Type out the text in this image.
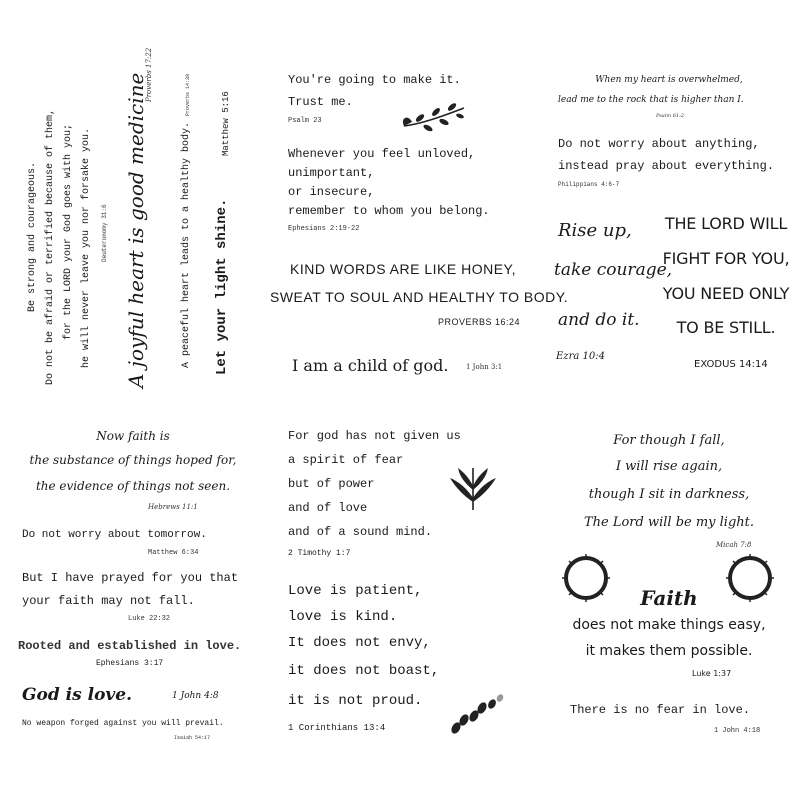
Be strong and courageous. Do not be afraid or terrified because of them, for the LORD your God goes with you; he will never leave you nor forsake you. Deuteronomy 31:6 A joyful heart is good medicine
Proverbs 17:22
A peaceful heart leads to a healthy body.
Proverbs 14:30
Let your light shine.
Matthew 5:16
You're going to make it.
Trust me.
Psalm 23
Whenever you feel unloved,
unimportant,
or insecure,
remember to whom you belong.
Ephesians 2:19-22
KIND WORDS ARE LIKE HONEY,
SWEAT TO SOUL AND HEALTHY TO BODY.
PROVERBS 16:24
I am a child of god.	1 John 3:1
When my heart is overwhelmed,
lead me to the rock that is higher than I.
Psalm 61:2
Do not worry about anything,
instead pray about everything.
Philippians 4:6-7
Rise up,
take courage,
and do it.
Ezra 10:4
THE LORD WILL
FIGHT FOR YOU,
YOU NEED ONLY
TO BE STILL.
EXODUS 14:14
Now faith is
the substance of things hoped for,
the evidence of things not seen.
Hebrews 11:1
Do not worry about tomorrow.
Matthew 6:34
But I have prayed for you that
your faith may not fall.
Luke 22:32
Rooted and established in love.
Ephesians 3:17
God is love.	1 John 4:8
No weapon forged against you will prevail.
Isaiah 54:17
For god has not given us
a spirit of fear
but of power
and of love
and of a sound mind.
2 Timothy 1:7
Love is patient,
love is kind.
It does not envy,
it does not boast,
it is not proud.
1 Corinthians 13:4
For though I fall,
I will rise again,
though I sit in darkness,
The Lord will be my light.
Micah 7:8
Faith
does not make things easy,
it makes them possible.
Luke 1:37
There is no fear in love.
1 John 4:18
